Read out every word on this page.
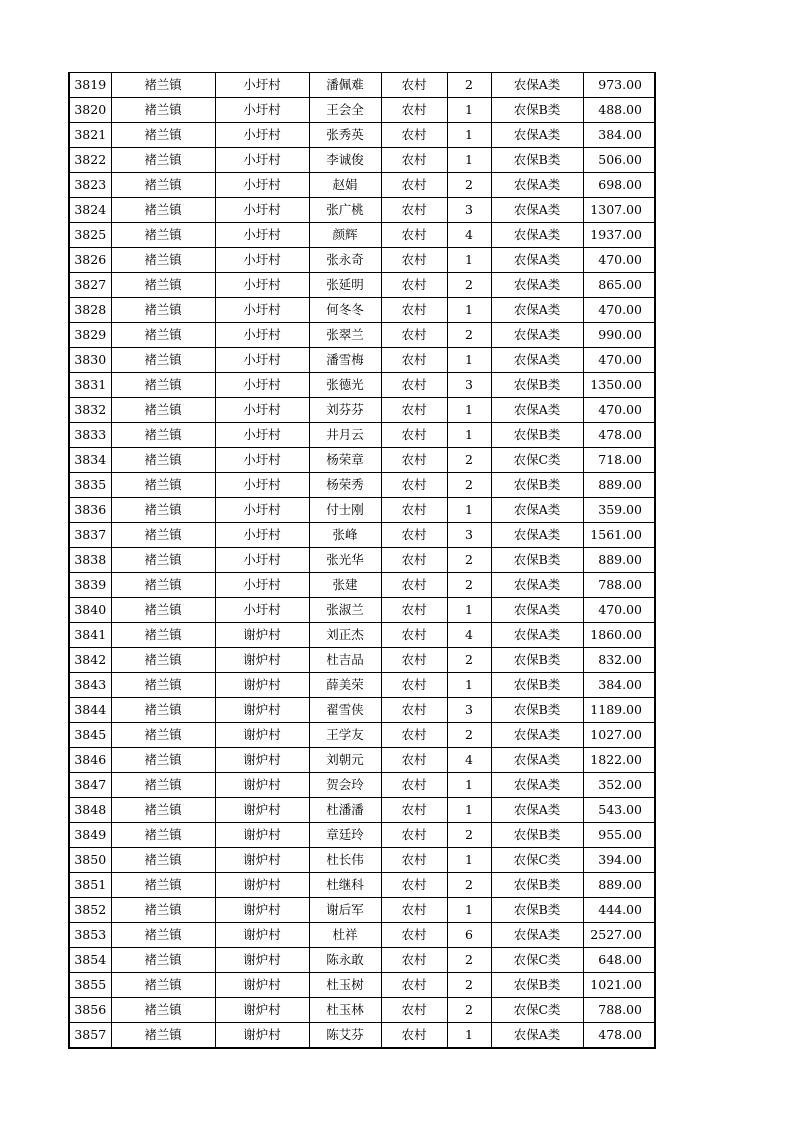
3819	褚兰镇	小圩村	潘佩难	农村	2	农保A类	973.00
3820	褚兰镇	小圩村	王会全	农村	1	农保B类	488.00
3821	褚兰镇	小圩村	张秀英	农村	1	农保A类	384.00
3822	褚兰镇	小圩村	李诚俊	农村	1	农保B类	506.00
3823	褚兰镇	小圩村	赵娟	农村	2	农保A类	698.00
3824	褚兰镇	小圩村	张广桃	农村	3	农保A类	1307.00
3825	褚兰镇	小圩村	颜辉	农村	4	农保A类	1937.00
3826	褚兰镇	小圩村	张永奇	农村	1	农保A类	470.00
3827	褚兰镇	小圩村	张延明	农村	2	农保A类	865.00
3828	褚兰镇	小圩村	何冬冬	农村	1	农保A类	470.00
3829	褚兰镇	小圩村	张翠兰	农村	2	农保A类	990.00
3830	褚兰镇	小圩村	潘雪梅	农村	1	农保A类	470.00
3831	褚兰镇	小圩村	张德光	农村	3	农保B类	1350.00
3832	褚兰镇	小圩村	刘芬芬	农村	1	农保A类	470.00
3833	褚兰镇	小圩村	井月云	农村	1	农保B类	478.00
3834	褚兰镇	小圩村	杨荣章	农村	2	农保C类	718.00
3835	褚兰镇	小圩村	杨荣秀	农村	2	农保B类	889.00
3836	褚兰镇	小圩村	付士刚	农村	1	农保A类	359.00
3837	褚兰镇	小圩村	张峰	农村	3	农保A类	1561.00
3838	褚兰镇	小圩村	张光华	农村	2	农保B类	889.00
3839	褚兰镇	小圩村	张建	农村	2	农保A类	788.00
3840	褚兰镇	小圩村	张淑兰	农村	1	农保A类	470.00
3841	褚兰镇	谢炉村	刘正杰	农村	4	农保A类	1860.00
3842	褚兰镇	谢炉村	杜吉品	农村	2	农保B类	832.00
3843	褚兰镇	谢炉村	薛美荣	农村	1	农保B类	384.00
3844	褚兰镇	谢炉村	翟雪侠	农村	3	农保B类	1189.00
3845	褚兰镇	谢炉村	王学友	农村	2	农保A类	1027.00
3846	褚兰镇	谢炉村	刘朝元	农村	4	农保A类	1822.00
3847	褚兰镇	谢炉村	贺会玲	农村	1	农保A类	352.00
3848	褚兰镇	谢炉村	杜潘潘	农村	1	农保A类	543.00
3849	褚兰镇	谢炉村	章廷玲	农村	2	农保B类	955.00
3850	褚兰镇	谢炉村	杜长伟	农村	1	农保C类	394.00
3851	褚兰镇	谢炉村	杜继科	农村	2	农保B类	889.00
3852	褚兰镇	谢炉村	谢后军	农村	1	农保B类	444.00
3853	褚兰镇	谢炉村	杜祥	农村	6	农保A类	2527.00
3854	褚兰镇	谢炉村	陈永敢	农村	2	农保C类	648.00
3855	褚兰镇	谢炉村	杜玉树	农村	2	农保B类	1021.00
3856	褚兰镇	谢炉村	杜玉林	农村	2	农保C类	788.00
3857	褚兰镇	谢炉村	陈艾芬	农村	1	农保A类	478.00
